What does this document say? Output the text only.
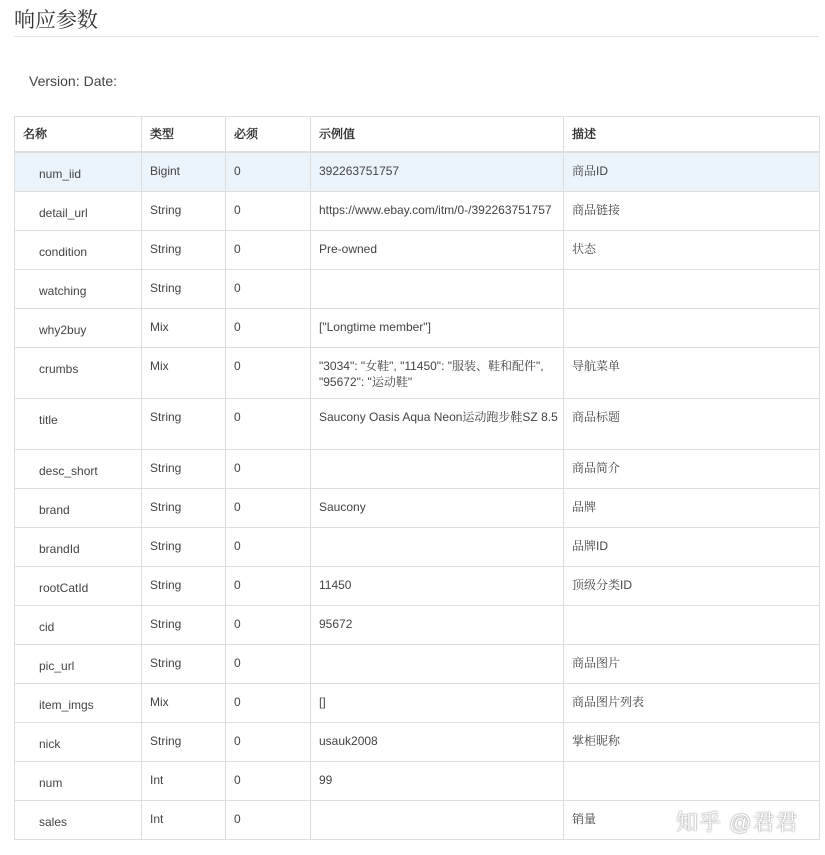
响应参数
Version: Date:
名称	类型	必须	示例值	描述
num_iid	Bigint	0	392263751757	商品ID
detail_url	String	0	https://www.ebay.com/itm/0-/392263751757	商品链接
condition	String	0	Pre-owned	状态
watching	String	0		
why2buy	Mix	0	["Longtime member"]	
crumbs	Mix	0	"3034": "女鞋", "11450": "服装、鞋和配件", "95672": "运动鞋"	导航菜单
title	String	0	Saucony Oasis Aqua Neon运动跑步鞋SZ 8.5	商品标题
desc_short	String	0		商品简介
brand	String	0	Saucony	品牌
brandId	String	0		品牌ID
rootCatId	String	0	11450	顶级分类ID
cid	String	0	95672	
pic_url	String	0		商品图片
item_imgs	Mix	0	[]	商品图片列表
nick	String	0	usauk2008	掌柜昵称
num	Int	0	99	
sales	Int	0		销量	知乎 @君君
